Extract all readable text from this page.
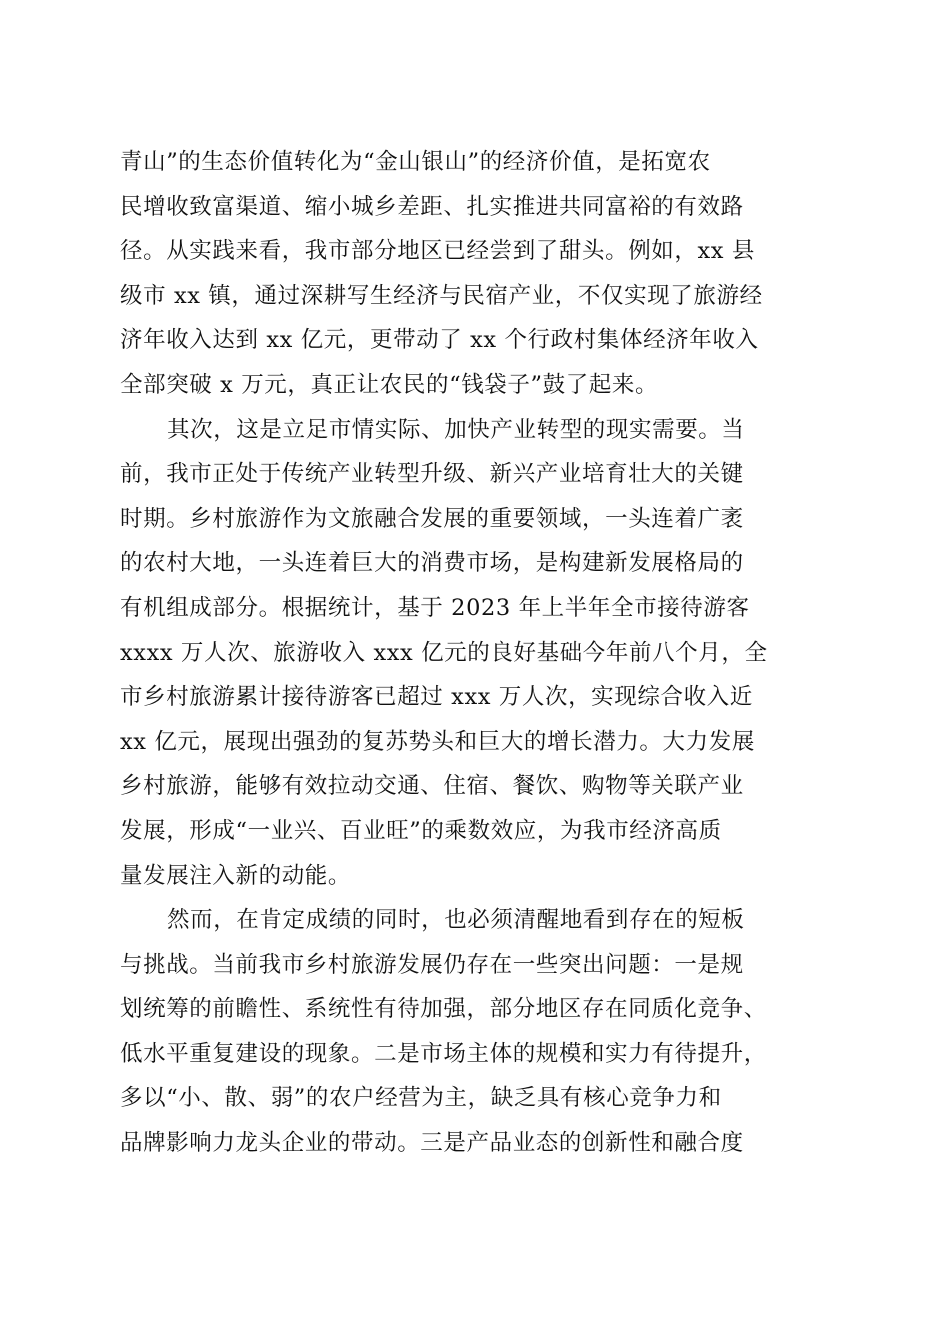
青山”的生态价值转化为“金山银山”的经济价值，是拓宽农
民增收致富渠道、缩小城乡差距、扎实推进共同富裕的有效路
径。从实践来看，我市部分地区已经尝到了甜头。例如，xx 县
级市 xx 镇，通过深耕写生经济与民宿产业，不仅实现了旅游经
济年收入达到 xx 亿元，更带动了 xx 个行政村集体经济年收入
全部突破 x 万元，真正让农民的“钱袋子”鼓了起来。
其次，这是立足市情实际、加快产业转型的现实需要。当
前，我市正处于传统产业转型升级、新兴产业培育壮大的关键
时期。乡村旅游作为文旅融合发展的重要领域，一头连着广袤
的农村大地，一头连着巨大的消费市场，是构建新发展格局的
有机组成部分。根据统计，基于 2023 年上半年全市接待游客
xxxx 万人次、旅游收入 xxx 亿元的良好基础今年前八个月，全
市乡村旅游累计接待游客已超过 xxx 万人次，实现综合收入近
xx 亿元，展现出强劲的复苏势头和巨大的增长潜力。大力发展
乡村旅游，能够有效拉动交通、住宿、餐饮、购物等关联产业
发展，形成“一业兴、百业旺”的乘数效应，为我市经济高质
量发展注入新的动能。
然而，在肯定成绩的同时，也必须清醒地看到存在的短板
与挑战。当前我市乡村旅游发展仍存在一些突出问题：一是规
划统筹的前瞻性、系统性有待加强，部分地区存在同质化竞争、
低水平重复建设的现象。二是市场主体的规模和实力有待提升，
多以“小、散、弱”的农户经营为主，缺乏具有核心竞争力和
品牌影响力龙头企业的带动。三是产品业态的创新性和融合度
